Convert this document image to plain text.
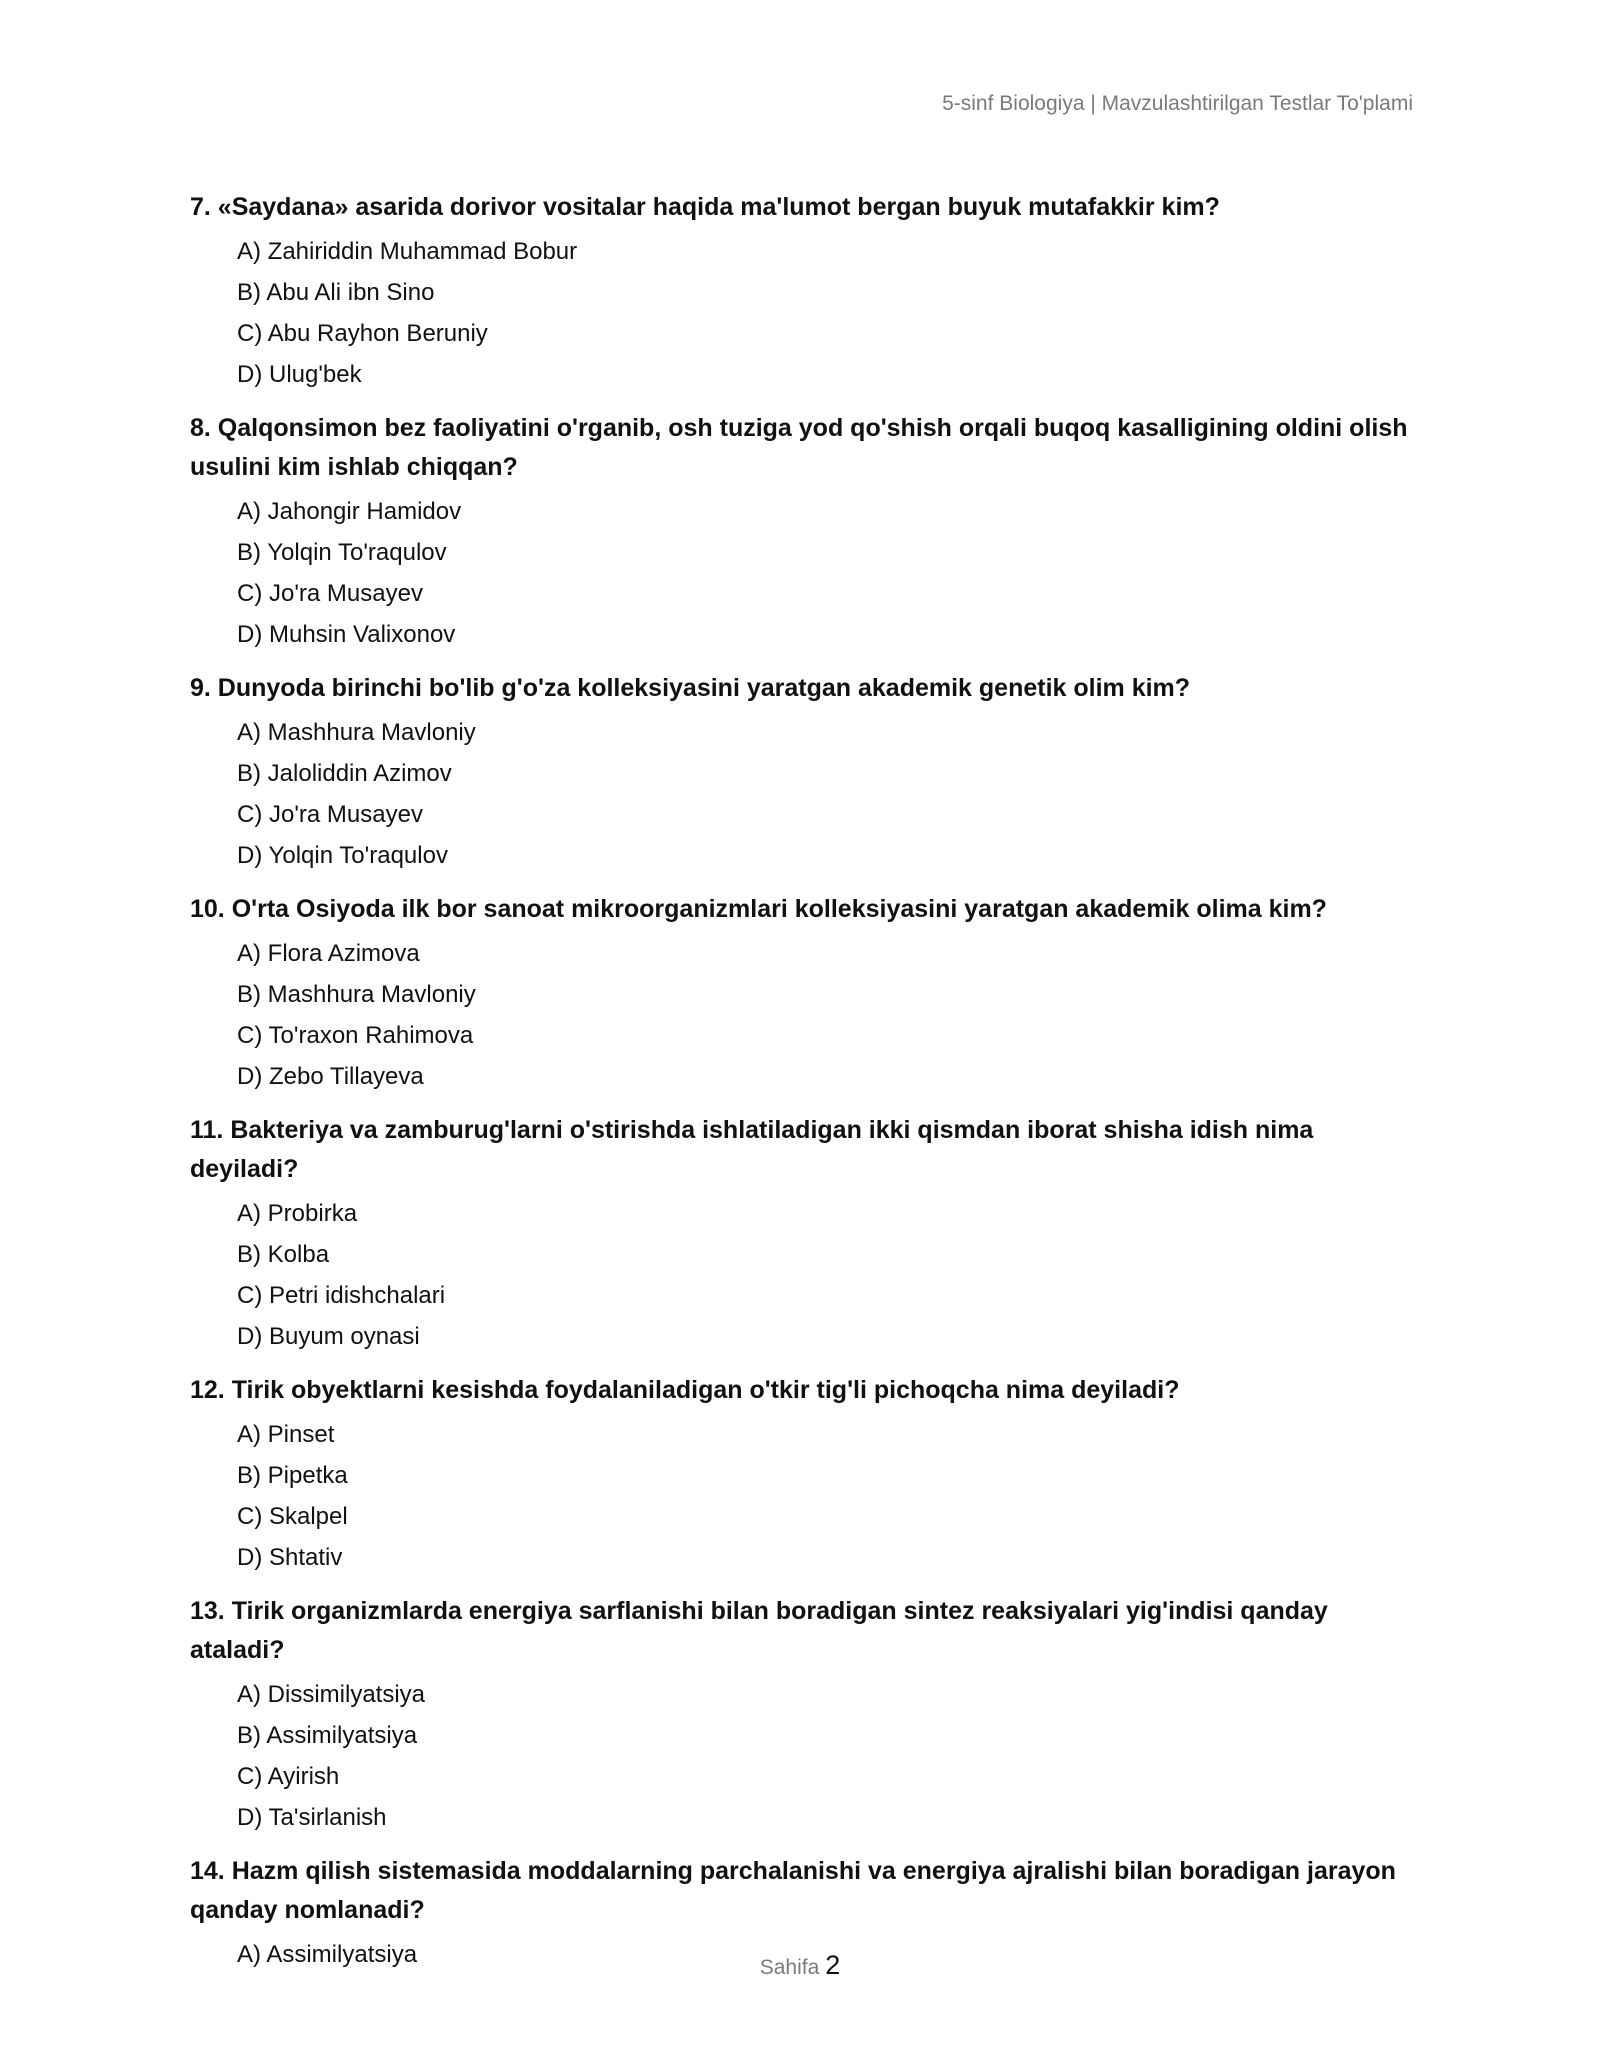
5-sinf Biologiya | Mavzulashtirilgan Testlar To'plami
7. «Saydana» asarida dorivor vositalar haqida ma'lumot bergan buyuk mutafakkir kim?
A) Zahiriddin Muhammad Bobur
B) Abu Ali ibn Sino
C) Abu Rayhon Beruniy
D) Ulug'bek
8. Qalqonsimon bez faoliyatini o'rganib, osh tuziga yod qo'shish orqali buqoq kasalligining oldini olish usulini kim ishlab chiqqan?
A) Jahongir Hamidov
B) Yolqin To'raqulov
C) Jo'ra Musayev
D) Muhsin Valixonov
9. Dunyoda birinchi bo'lib g'o'za kolleksiyasini yaratgan akademik genetik olim kim?
A) Mashhura Mavloniy
B) Jaloliddin Azimov
C) Jo'ra Musayev
D) Yolqin To'raqulov
10. O'rta Osiyoda ilk bor sanoat mikroorganizmlari kolleksiyasini yaratgan akademik olima kim?
A) Flora Azimova
B) Mashhura Mavloniy
C) To'raxon Rahimova
D) Zebo Tillayeva
11. Bakteriya va zamburug'larni o'stirishda ishlatiladigan ikki qismdan iborat shisha idish nima deyiladi?
A) Probirka
B) Kolba
C) Petri idishchalari
D) Buyum oynasi
12. Tirik obyektlarni kesishda foydalaniladigan o'tkir tig'li pichoqcha nima deyiladi?
A) Pinset
B) Pipetka
C) Skalpel
D) Shtativ
13. Tirik organizmlarda energiya sarflanishi bilan boradigan sintez reaksiyalari yig'indisi qanday ataladi?
A) Dissimilyatsiya
B) Assimilyatsiya
C) Ayirish
D) Ta'sirlanish
14. Hazm qilish sistemasida moddalarning parchalanishi va energiya ajralishi bilan boradigan jarayon qanday nomlanadi?
A) Assimilyatsiya	Sahifa 2
